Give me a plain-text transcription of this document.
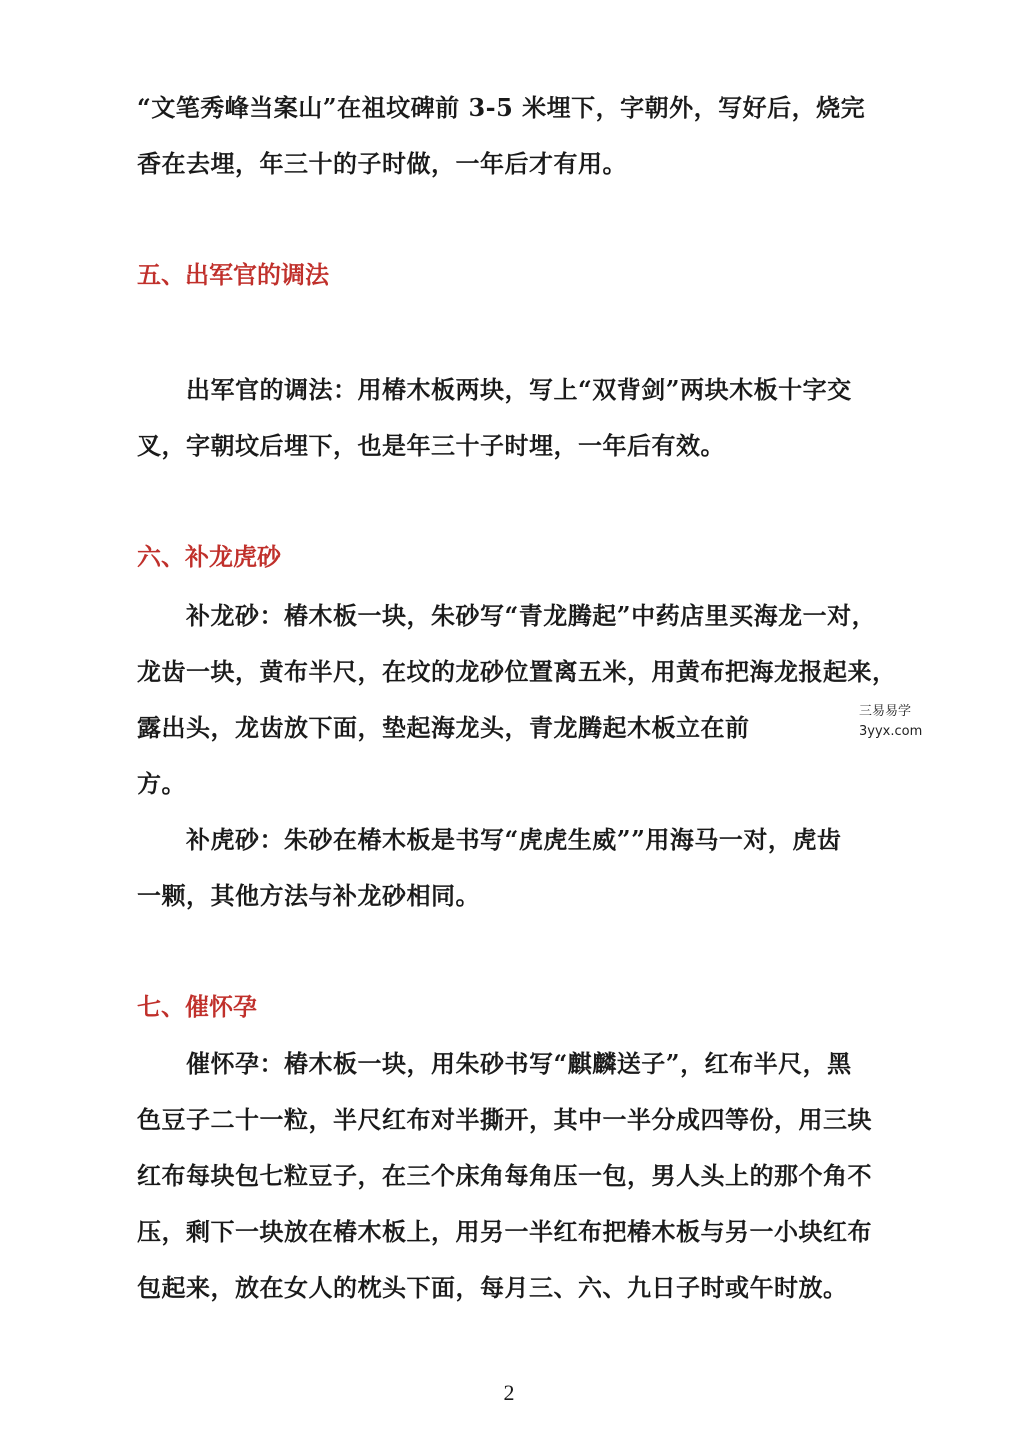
“文笔秀峰当案山”在祖坟碑前 3-5 米埋下，字朝外，写好后，烧完
香在去埋，年三十的子时做，一年后才有用。
五、出军官的调法
　　出军官的调法：用椿木板两块，写上“双背剑”两块木板十字交
叉，字朝坟后埋下，也是年三十子时埋，一年后有效。
六、补龙虎砂
　　补龙砂：椿木板一块，朱砂写“青龙腾起”中药店里买海龙一对，
龙齿一块，黄布半尺，在坟的龙砂位置离五米，用黄布把海龙报起来，
露出头，龙齿放下面，垫起海龙头，青龙腾起木板立在前
方。
　　补虎砂：朱砂在椿木板是书写“虎虎生威””用海马一对，虎齿
一颗，其他方法与补龙砂相同。
七、催怀孕
　　催怀孕：椿木板一块，用朱砂书写“麒麟送子”，红布半尺，黑
色豆子二十一粒，半尺红布对半撕开，其中一半分成四等份，用三块
红布每块包七粒豆子，在三个床角每角压一包，男人头上的那个角不
压，剩下一块放在椿木板上，用另一半红布把椿木板与另一小块红布
包起来，放在女人的枕头下面，每月三、六、九日子时或午时放。
三易易学
3yyx.com
2
